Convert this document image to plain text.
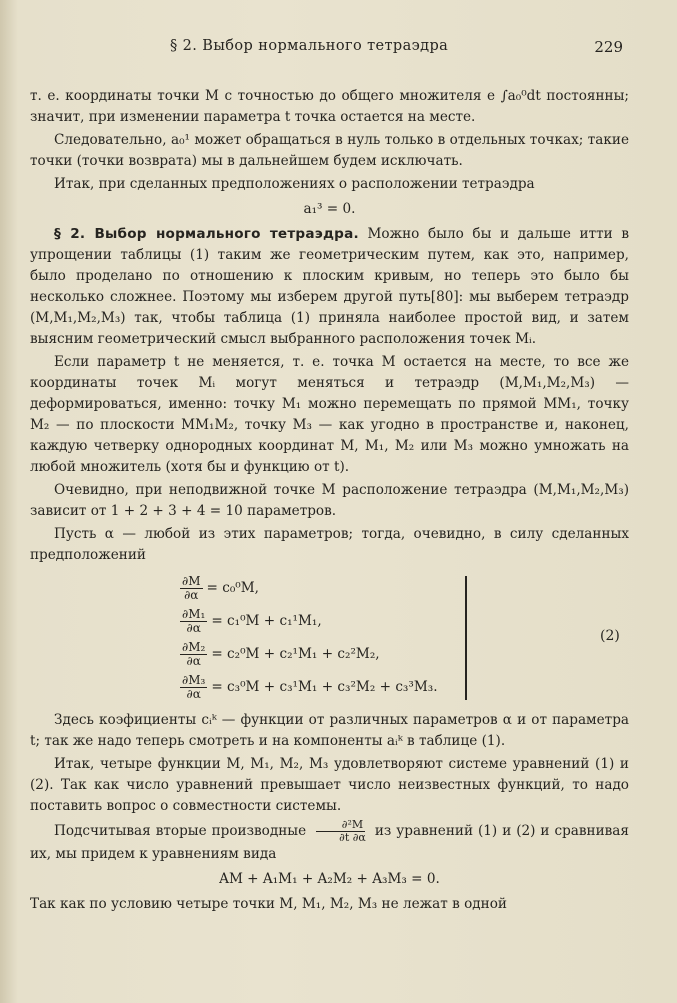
§ 2. Выбор нормального тетраэдра	229

т. е. координаты точки M с точностью до общего множителя e ∫a₀⁰dt постоянны; значит, при изменении параметра t точка остается на месте.

Следовательно, a₀¹ может обращаться в нуль только в отдельных точках; такие точки (точки возврата) мы в дальнейшем будем исключать.

Итак, при сделанных предположениях о расположении тетраэдра

a₁³ = 0.

§ 2. Выбор нормального тетраэдра. Можно было бы и дальше итти в упрощении таблицы (1) таким же геометрическим путем, как это, например, было проделано по отношению к плоским кривым, но теперь это было бы несколько сложнее. Поэтому мы изберем другой путь[80]: мы выберем тетраэдр (M,M₁,M₂,M₃) так, чтобы таблица (1) приняла наиболее простой вид, и затем выясним геометрический смысл выбранного расположения точек Mᵢ.

Если параметр t не меняется, т. е. точка M остается на месте, то все же координаты точек Mᵢ могут меняться и тетраэдр (M,M₁,M₂,M₃) — деформироваться, именно: точку M₁ можно перемещать по прямой MM₁, точку M₂ — по плоскости MM₁M₂, точку M₃ — как угодно в пространстве и, наконец, каждую четверку однородных координат M, M₁, M₂ или M₃ можно умножать на любой множитель (хотя бы и функцию от t).

Очевидно, при неподвижной точке M расположение тетраэдра (M,M₁,M₂,M₃) зависит от 1 + 2 + 3 + 4 = 10 параметров.

Пусть α — любой из этих параметров; тогда, очевидно, в силу сделанных предположений

$\frac{\partial M}{\partial\alpha} = c_0^0M$,
$\frac{\text{∂M₁}}{\partial\alpha} = c_1^0M + c_1^1M_1$,
$\frac{\text{∂M₂}}{\partial\alpha} = c_2^0M + c_2^1M_1 + c_2^2M_2$,
$\frac{\text{∂M₃}}{\partial\alpha} = c_3^0M + c_3^1M_1 + c_3^2M_2 + c_3^3M_3$.
(2)

Здесь коэфициенты cᵢᵏ — функции от различных параметров α и от параметра t; так же надо теперь смотреть и на компоненты aᵢᵏ в таблице (1).

Итак, четыре функции M, M₁, M₂, M₃ удовлетворяют системе уравнений (1) и (2). Так как число уравнений превышает число неизвестных функций, то надо поставить вопрос о совместности системы.

Подсчитывая вторые производные $\frac{\text{∂²M}}{\partial t \partial\alpha}$ из уравнений (1) и (2) и сравнивая их, мы придем к уравнениям вида

AM + A₁M₁ + A₂M₂ + A₃M₃ = 0.

Так как по условию четыре точки M, M₁, M₂, M₃ не лежат в одной
